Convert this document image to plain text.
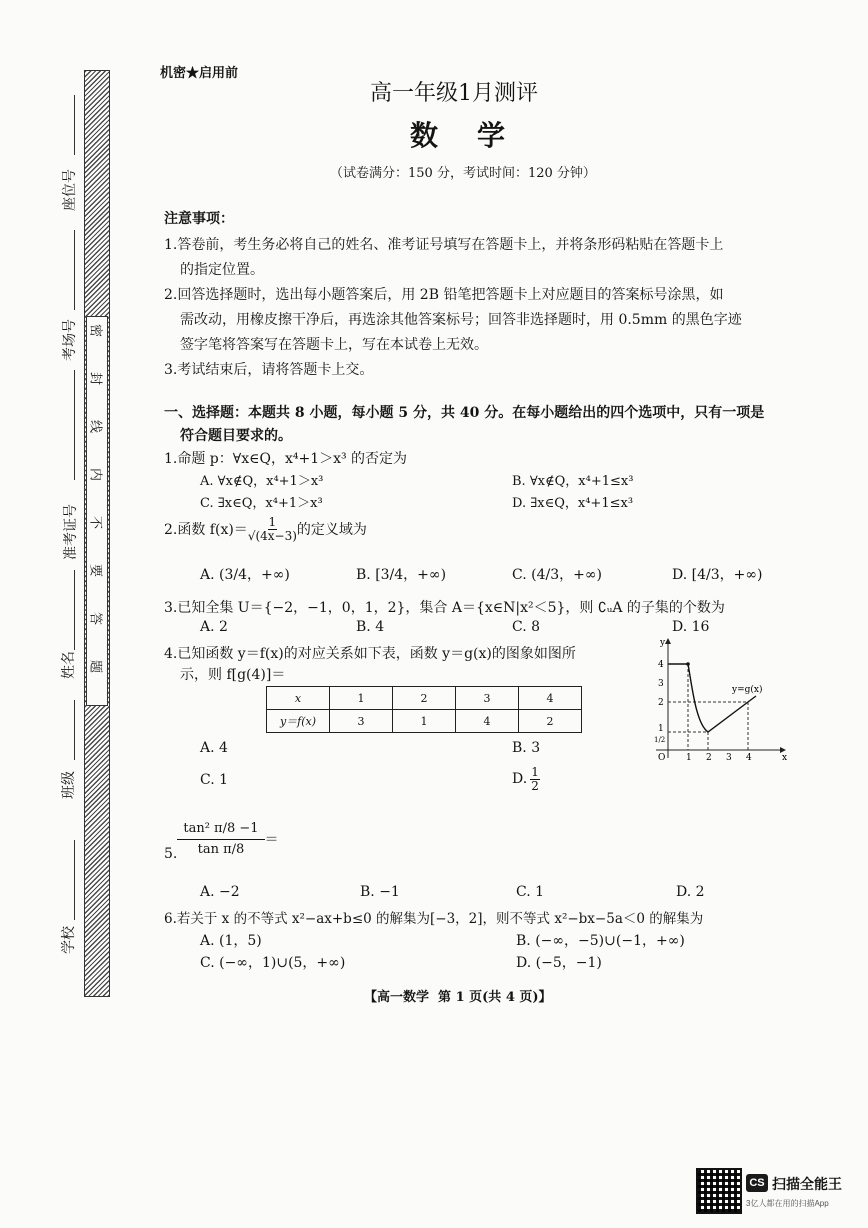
密
封
线
内
不
要
答
题
座位号
考场号
准考证号
姓名
班级
学校
机密★启用前
高一年级1月测评
数    学
（试卷满分：150 分，考试时间：120 分钟）
注意事项：
1.答卷前，考生务必将自己的姓名、准考证号填写在答题卡上，并将条形码粘贴在答题卡上
的指定位置。
2.回答选择题时，选出每小题答案后，用 2B 铅笔把答题卡上对应题目的答案标号涂黑，如
需改动，用橡皮擦干净后，再选涂其他答案标号；回答非选择题时，用 0.5mm 的黑色字迹
签字笔将答案写在答题卡上，写在本试卷上无效。
3.考试结束后，请将答题卡上交。
一、选择题：本题共 8 小题，每小题 5 分，共 40 分。在每小题给出的四个选项中，只有一项是
符合题目要求的。
1.命题 p：∀x∈Q，x⁴+1＞x³ 的否定为
A. ∀x∉Q，x⁴+1＞x³	B. ∀x∉Q，x⁴+1≤x³
C. ∃x∈Q，x⁴+1＞x³	D. ∃x∈Q，x⁴+1≤x³
2.函数 $f(x)= \frac{1}{√(4x-3)}$ 的定义域为
A. (3/4，+∞)	B. [3/4，+∞)	C. (4/3，+∞)	D. [4/3，+∞)
3.已知全集 U＝{−2，−1，0，1，2}，集合 A＝{x∈N|x²＜5}，则 ∁ᵤA 的子集的个数为
A. 2	B. 4	C. 8	D. 16
4.已知函数 y＝f(x)的对应关系如下表，函数 y＝g(x)的图象如图所
示，则 f[g(4)]＝
x	1	2	3	4
y＝f(x)	3	1	4	2
A. 4	B. 3
C. 1	D. $\frac{1}{2}$
y
x
O
4
3
2
1
1/2
1 2 3 4
y=g(x)
5. $\frac{\text{tan² π/8 −1}}{\text{tan π/8}}$ ＝
A. −2	B. −1	C. 1	D. 2
6.若关于 x 的不等式 x²−ax+b≤0 的解集为[−3，2]，则不等式 x²−bx−5a＜0 的解集为
A. (1，5)	B. (−∞，−5)∪(−1，+∞)
C. (−∞，1)∪(5，+∞)	D. (−5，−1)
【高一数学  第 1 页(共 4 页)】
CS 扫描全能王
3亿人都在用的扫描App
